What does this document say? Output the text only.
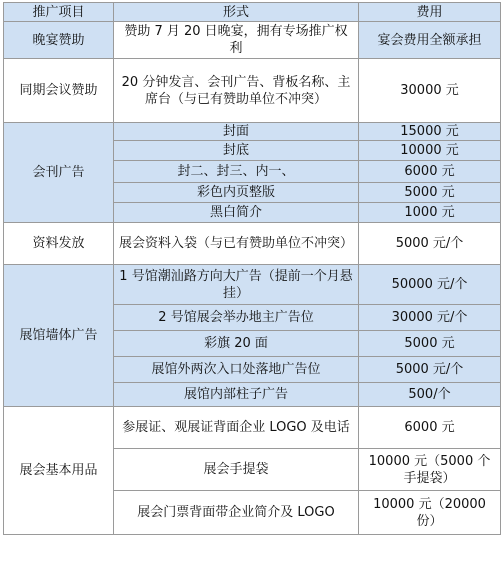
推广项目	形式	费用
晚宴赞助	赞助 7 月 20 日晚宴，拥有专场推广权利	宴会费用全额承担
同期会议赞助	20 分钟发言、会刊广告、背板名称、主席台（与已有赞助单位不冲突）	30000 元
会刊广告	封面	15000 元
	封底	10000 元
	封二、封三、内一、	6000 元
	彩色内页整版	5000 元
	黑白简介	1000 元
资料发放	展会资料入袋（与已有赞助单位不冲突）	5000 元/个
展馆墙体广告	1 号馆潮汕路方向大广告（提前一个月悬挂）	50000 元/个
	2 号馆展会举办地主广告位	30000 元/个
	彩旗 20 面	5000 元
	展馆外两次入口处落地广告位	5000 元/个
	展馆内部柱子广告	500/个
展会基本用品	参展证、观展证背面企业 LOGO 及电话	6000 元
	展会手提袋	10000 元（5000 个手提袋）
	展会门票背面带企业简介及 LOGO	10000 元（20000 份）
